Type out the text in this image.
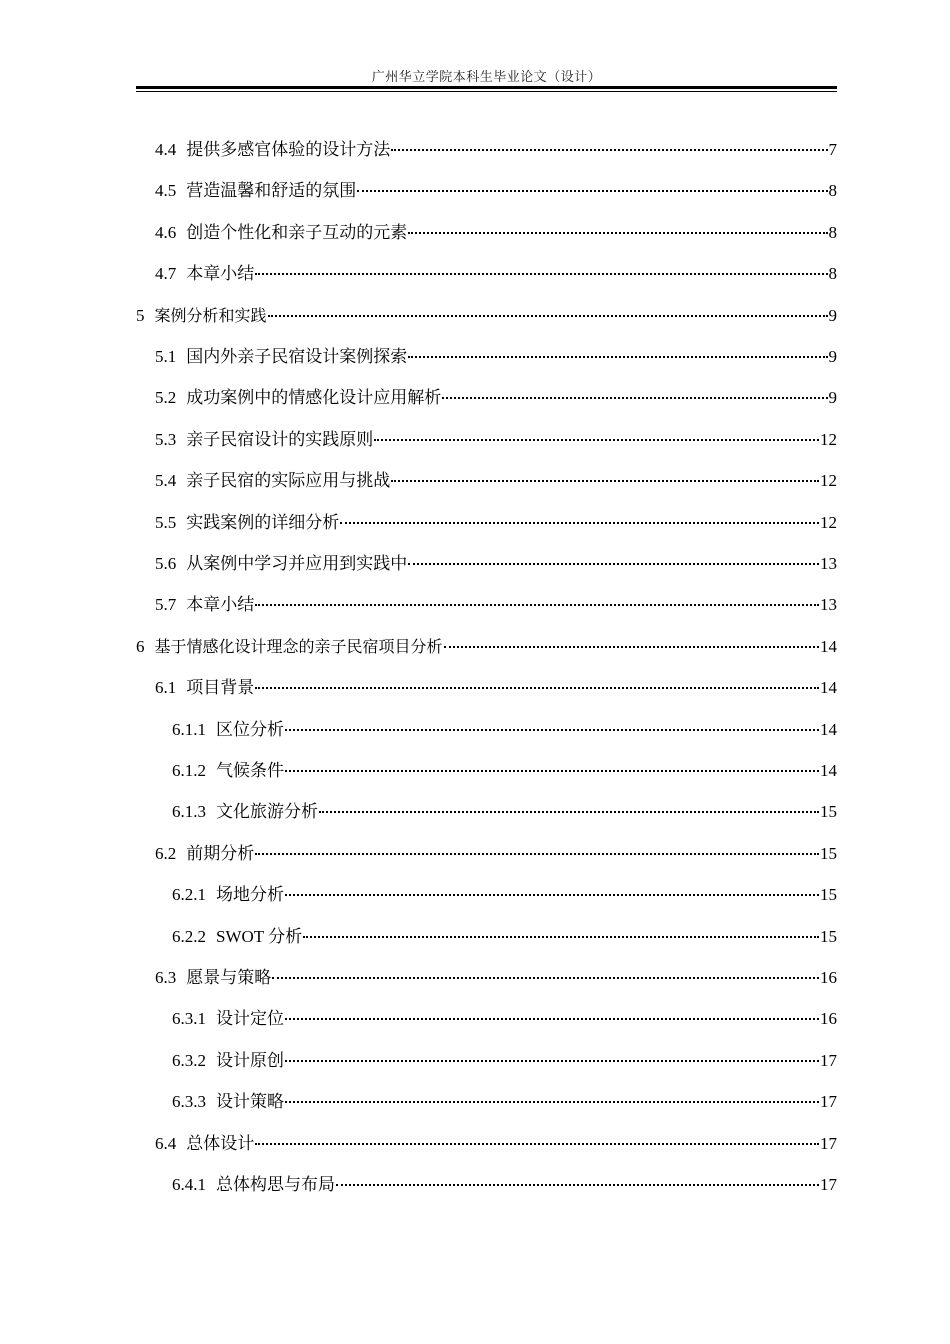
广州华立学院本科生毕业论文（设计）
4.4 提供多感官体验的设计方法	7
4.5 营造温馨和舒适的氛围	8
4.6 创造个性化和亲子互动的元素	8
4.7 本章小结	8
5 案例分析和实践	9
5.1 国内外亲子民宿设计案例探索	9
5.2 成功案例中的情感化设计应用解析	9
5.3 亲子民宿设计的实践原则	12
5.4 亲子民宿的实际应用与挑战	12
5.5 实践案例的详细分析	12
5.6 从案例中学习并应用到实践中	13
5.7 本章小结	13
6 基于情感化设计理念的亲子民宿项目分析	14
6.1 项目背景	14
6.1.1 区位分析	14
6.1.2 气候条件	14
6.1.3 文化旅游分析	15
6.2 前期分析	15
6.2.1 场地分析	15
6.2.2 SWOT 分析	15
6.3 愿景与策略	16
6.3.1 设计定位	16
6.3.2 设计原创	17
6.3.3 设计策略	17
6.4 总体设计	17
6.4.1 总体构思与布局	17
